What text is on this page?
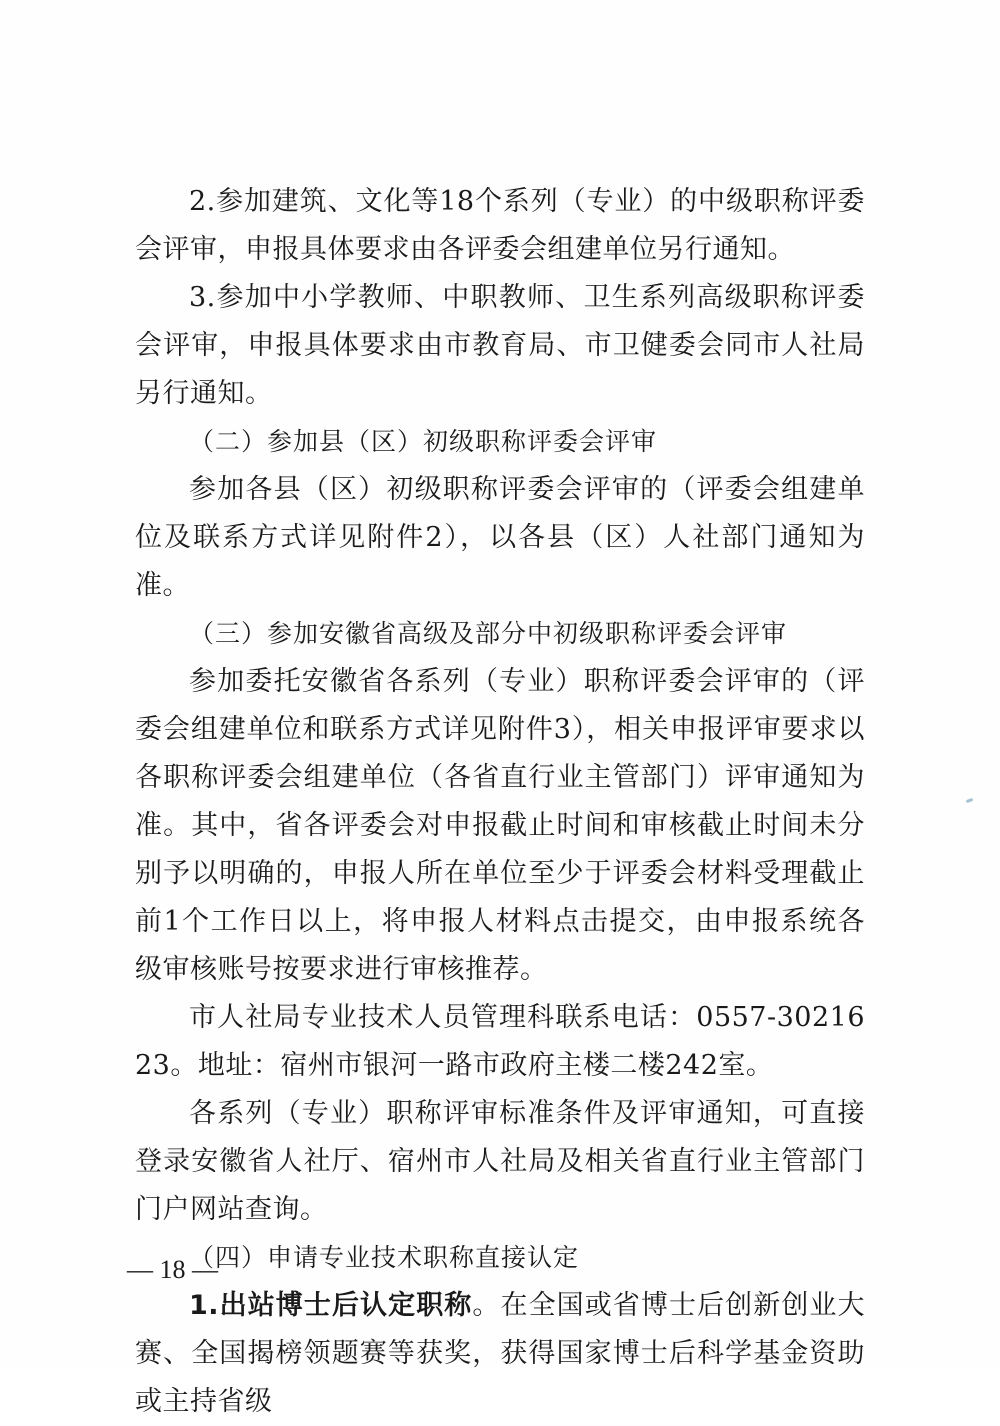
2.参加建筑、文化等18个系列（专业）的中级职称评委会评审，申报具体要求由各评委会组建单位另行通知。

3.参加中小学教师、中职教师、卫生系列高级职称评委会评审，申报具体要求由市教育局、市卫健委会同市人社局另行通知。

（二）参加县（区）初级职称评委会评审

参加各县（区）初级职称评委会评审的（评委会组建单位及联系方式详见附件2），以各县（区）人社部门通知为准。

（三）参加安徽省高级及部分中初级职称评委会评审

参加委托安徽省各系列（专业）职称评委会评审的（评委会组建单位和联系方式详见附件3），相关申报评审要求以各职称评委会组建单位（各省直行业主管部门）评审通知为准。其中，省各评委会对申报截止时间和审核截止时间未分别予以明确的，申报人所在单位至少于评委会材料受理截止前1个工作日以上，将申报人材料点击提交，由申报系统各级审核账号按要求进行审核推荐。

市人社局专业技术人员管理科联系电话：0557-3021623。地址：宿州市银河一路市政府主楼二楼242室。

各系列（专业）职称评审标准条件及评审通知，可直接登录安徽省人社厅、宿州市人社局及相关省直行业主管部门门户网站查询。

（四）申请专业技术职称直接认定

1.出站博士后认定职称。在全国或省博士后创新创业大赛、全国揭榜领题赛等获奖，获得国家博士后科学基金资助或主持省级

— 18 —
